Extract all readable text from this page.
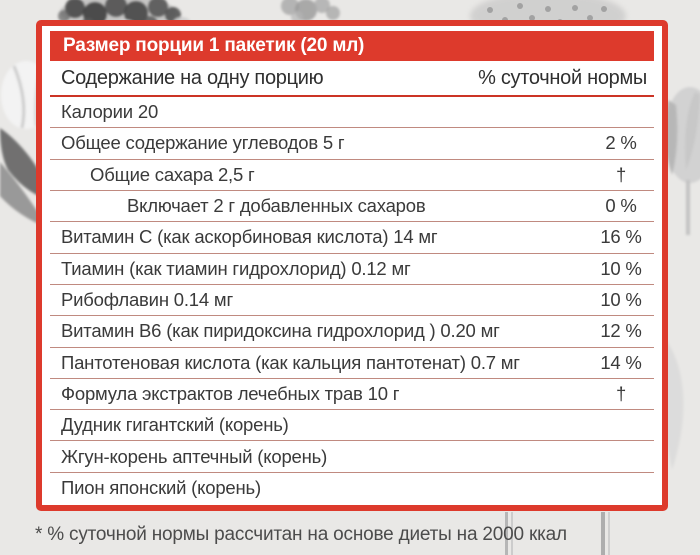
Размер порции 1 пакетик (20 мл)
Содержание на одну порцию	% суточной нормы
Калории 20
Общее содержание углеводов 5 г	2 %
Общие сахара 2,5 г	†
Включает 2 г добавленных сахаров	0 %
Витамин C (как аскорбиновая кислота) 14 мг	16 %
Тиамин (как тиамин гидрохлорид) 0.12 мг	10 %
Рибофлавин 0.14 мг	10 %
Витамин B6 (как пиридоксина гидрохлорид ) 0.20 мг	12 %
Пантотеновая кислота (как кальция пантотенат) 0.7 мг	14 %
Формула экстрактов лечебных трав 10 г	†
Дудник гигантский (корень)
Жгун-корень аптечный (корень)
Пион японский (корень)
* % суточной нормы рассчитан на основе диеты на 2000 ккал
